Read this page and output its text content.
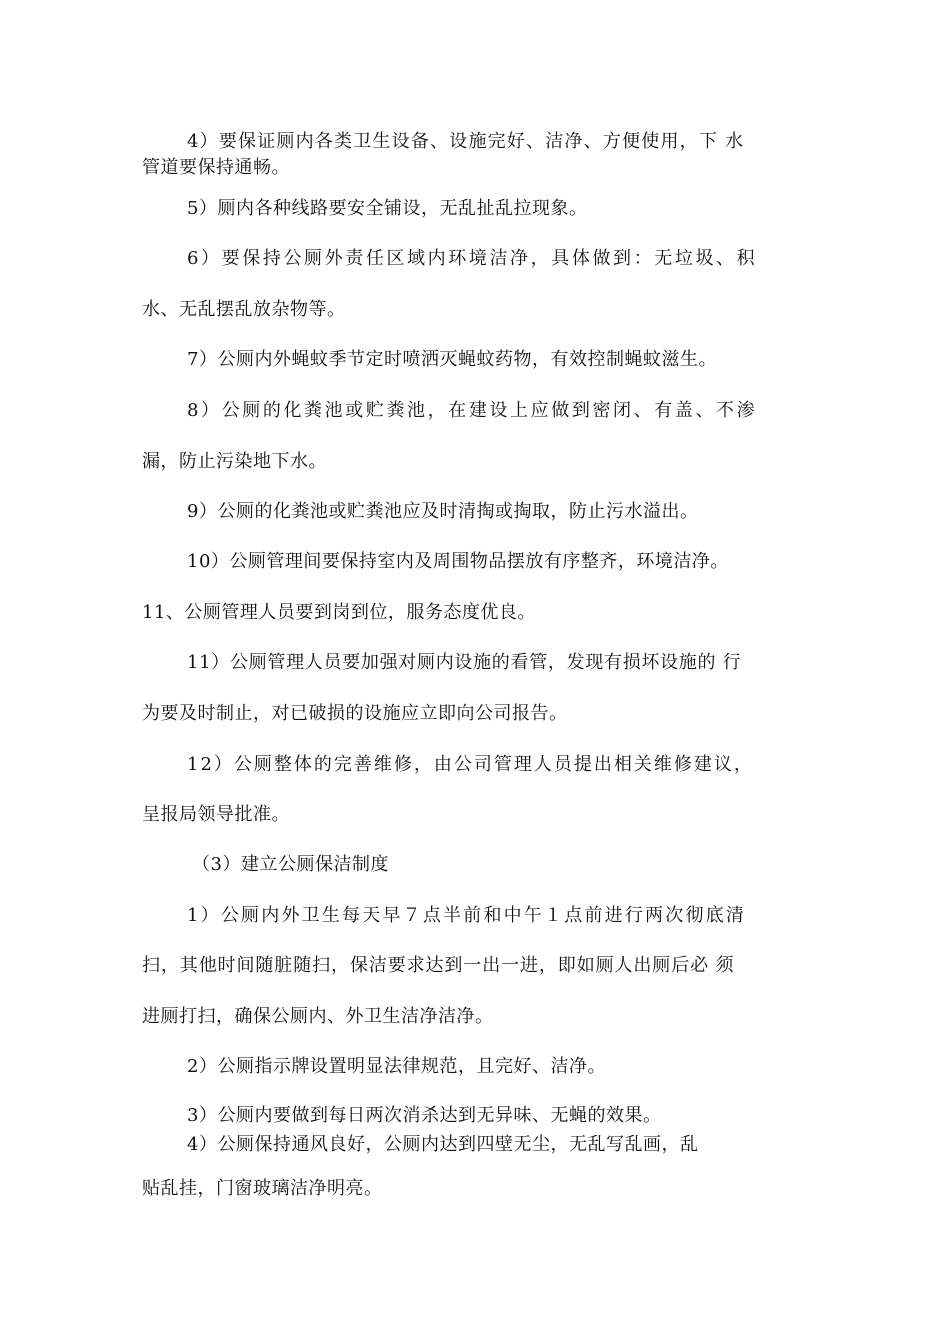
4）要保证厕内各类卫生设备、设施完好、洁净、方便使用，下 水

管道要保持通畅。

5）厕内各种线路要安全铺设，无乱扯乱拉现象。

6）要保持公厕外责任区域内环境洁净，具体做到：无垃圾、积

水、无乱摆乱放杂物等。

7）公厕内外蝇蚊季节定时喷洒灭蝇蚊药物，有效控制蝇蚊滋生。

8）公厕的化粪池或贮粪池，在建设上应做到密闭、有盖、不渗

漏，防止污染地下水。

9）公厕的化粪池或贮粪池应及时清掏或掏取，防止污水溢出。

10）公厕管理间要保持室内及周围物品摆放有序整齐，环境洁净。

11、公厕管理人员要到岗到位，服务态度优良。

11）公厕管理人员要加强对厕内设施的看管，发现有损坏设施的 行

为要及时制止，对已破损的设施应立即向公司报告。

12）公厕整体的完善维修，由公司管理人员提出相关维修建议，

呈报局领导批准。

（3）建立公厕保洁制度

1）公厕内外卫生每天早７点半前和中午１点前进行两次彻底清

扫，其他时间随脏随扫，保洁要求达到一出一进，即如厕人出厕后必 须

进厕打扫，确保公厕内、外卫生洁净洁净。

2）公厕指示牌设置明显法律规范，且完好、洁净。

3）公厕内要做到每日两次消杀达到无异味、无蝇的效果。

4）公厕保持通风良好，公厕内达到四壁无尘，无乱写乱画，乱

贴乱挂，门窗玻璃洁净明亮。
